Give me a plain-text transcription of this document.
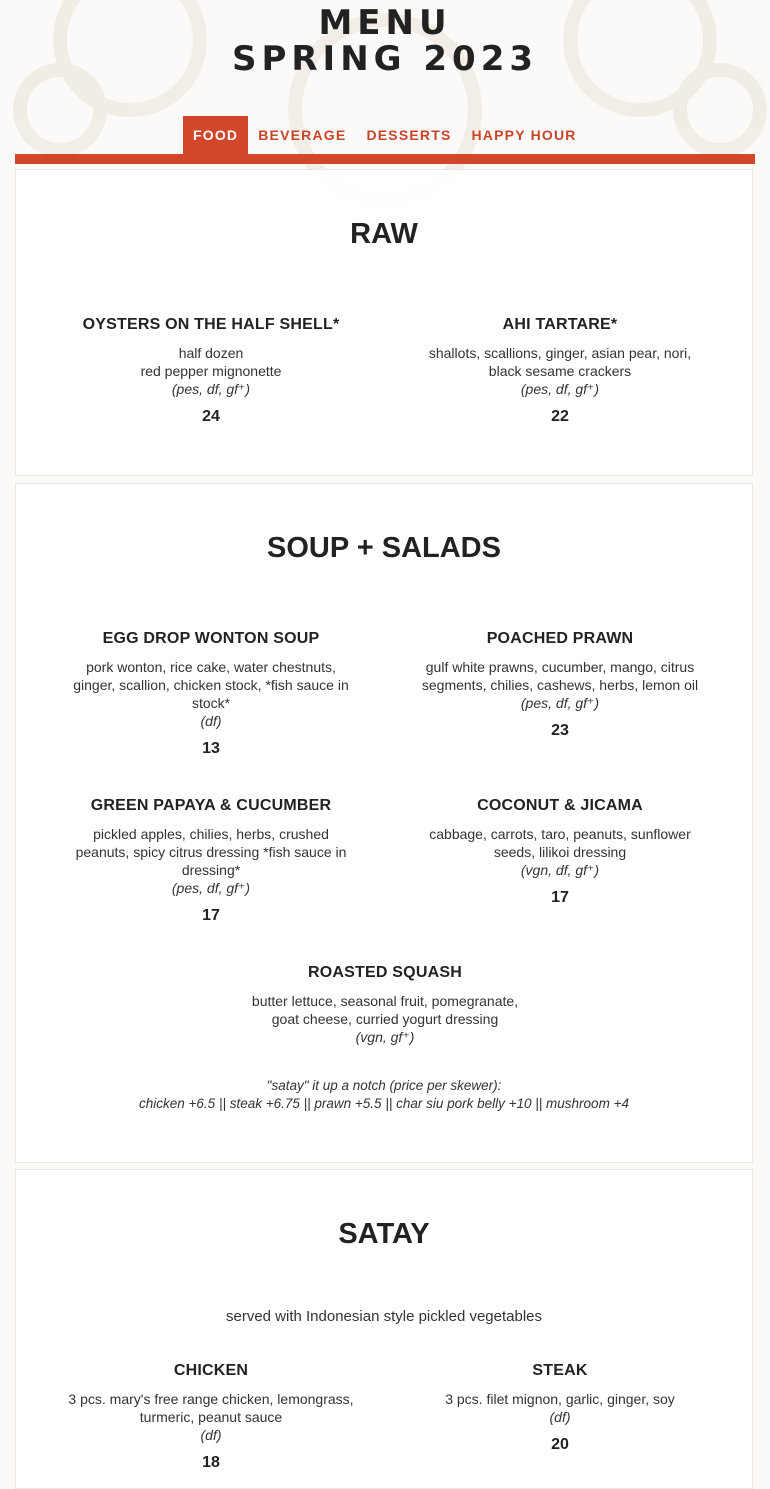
MENU
SPRING 2023
FOOD	BEVERAGE	DESSERTS	HAPPY HOUR
RAW
OYSTERS ON THE HALF SHELL*
half dozen
red pepper mignonette
(pes, df, gf⁺)
24
AHI TARTARE*
shallots, scallions, ginger, asian pear, nori,
black sesame crackers
(pes, df, gf⁺)
22
SOUP + SALADS
EGG DROP WONTON SOUP
pork wonton, rice cake, water chestnuts,
ginger, scallion, chicken stock, *fish sauce in
stock*
(df)
13
POACHED PRAWN
gulf white prawns, cucumber, mango, citrus
segments, chilies, cashews, herbs, lemon oil
(pes, df, gf⁺)
23
GREEN PAPAYA & CUCUMBER
pickled apples, chilies, herbs, crushed
peanuts, spicy citrus dressing *fish sauce in
dressing*
(pes, df, gf⁺)
17
COCONUT & JICAMA
cabbage, carrots, taro, peanuts, sunflower
seeds, lilikoi dressing
(vgn, df, gf⁺)
17
ROASTED SQUASH
butter lettuce, seasonal fruit, pomegranate,
goat cheese, curried yogurt dressing
(vgn, gf⁺)
"satay" it up a notch (price per skewer):
chicken +6.5 || steak +6.75 || prawn +5.5 || char siu pork belly +10 || mushroom +4
SATAY
served with Indonesian style pickled vegetables
CHICKEN
3 pcs. mary's free range chicken, lemongrass,
turmeric, peanut sauce
(df)
18
STEAK
3 pcs. filet mignon, garlic, ginger, soy
(df)
20
